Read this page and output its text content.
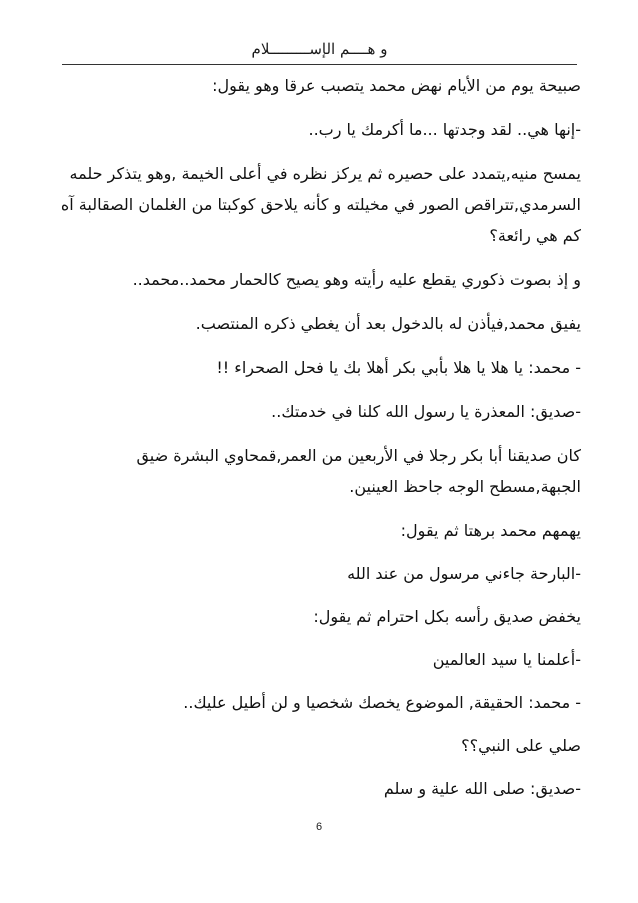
و هــــم الإســـــــــلام

صبيحة يوم من الأيام نهض محمد يتصبب عرقا وهو يقول:

-إنها هي.. لقد وجدتها ...ما أكرمك يا رب..

يمسح منيه,يتمدد على حصيره ثم يركز نظره في أعلى الخيمة ,وهو يتذكر حلمه السرمدي,تتراقص الصور في مخيلته و كأنه يلاحق كوكبتا من الغلمان الصقالبة آه كم هي رائعة؟

و إذ بصوت ذكوري يقطع عليه رأيته وهو يصيح كالحمار محمد..محمد..

يفيق محمد,فيأذن له بالدخول بعد أن يغطي ذكره المنتصب.

- محمد: يا هلا يا هلا بأبي بكر أهلا بك يا فحل الصحراء !!

-صديق: المعذرة يا رسول الله كلنا في خدمتك..

كان صديقنا أبا بكر رجلا في الأربعين من العمر,قمحاوي البشرة ضيق الجبهة,مسطح الوجه جاحظ العينين.

يهمهم محمد برهتا ثم يقول:

-البارحة جاءني مرسول من عند الله

يخفض صديق رأسه بكل احترام ثم يقول:

-أعلمنا يا سيد العالمين

- محمد: الحقيقة, الموضوع يخصك شخصيا و لن أطيل عليك..

صلي على النبي؟؟

-صديق: صلى الله علية و سلم

6
